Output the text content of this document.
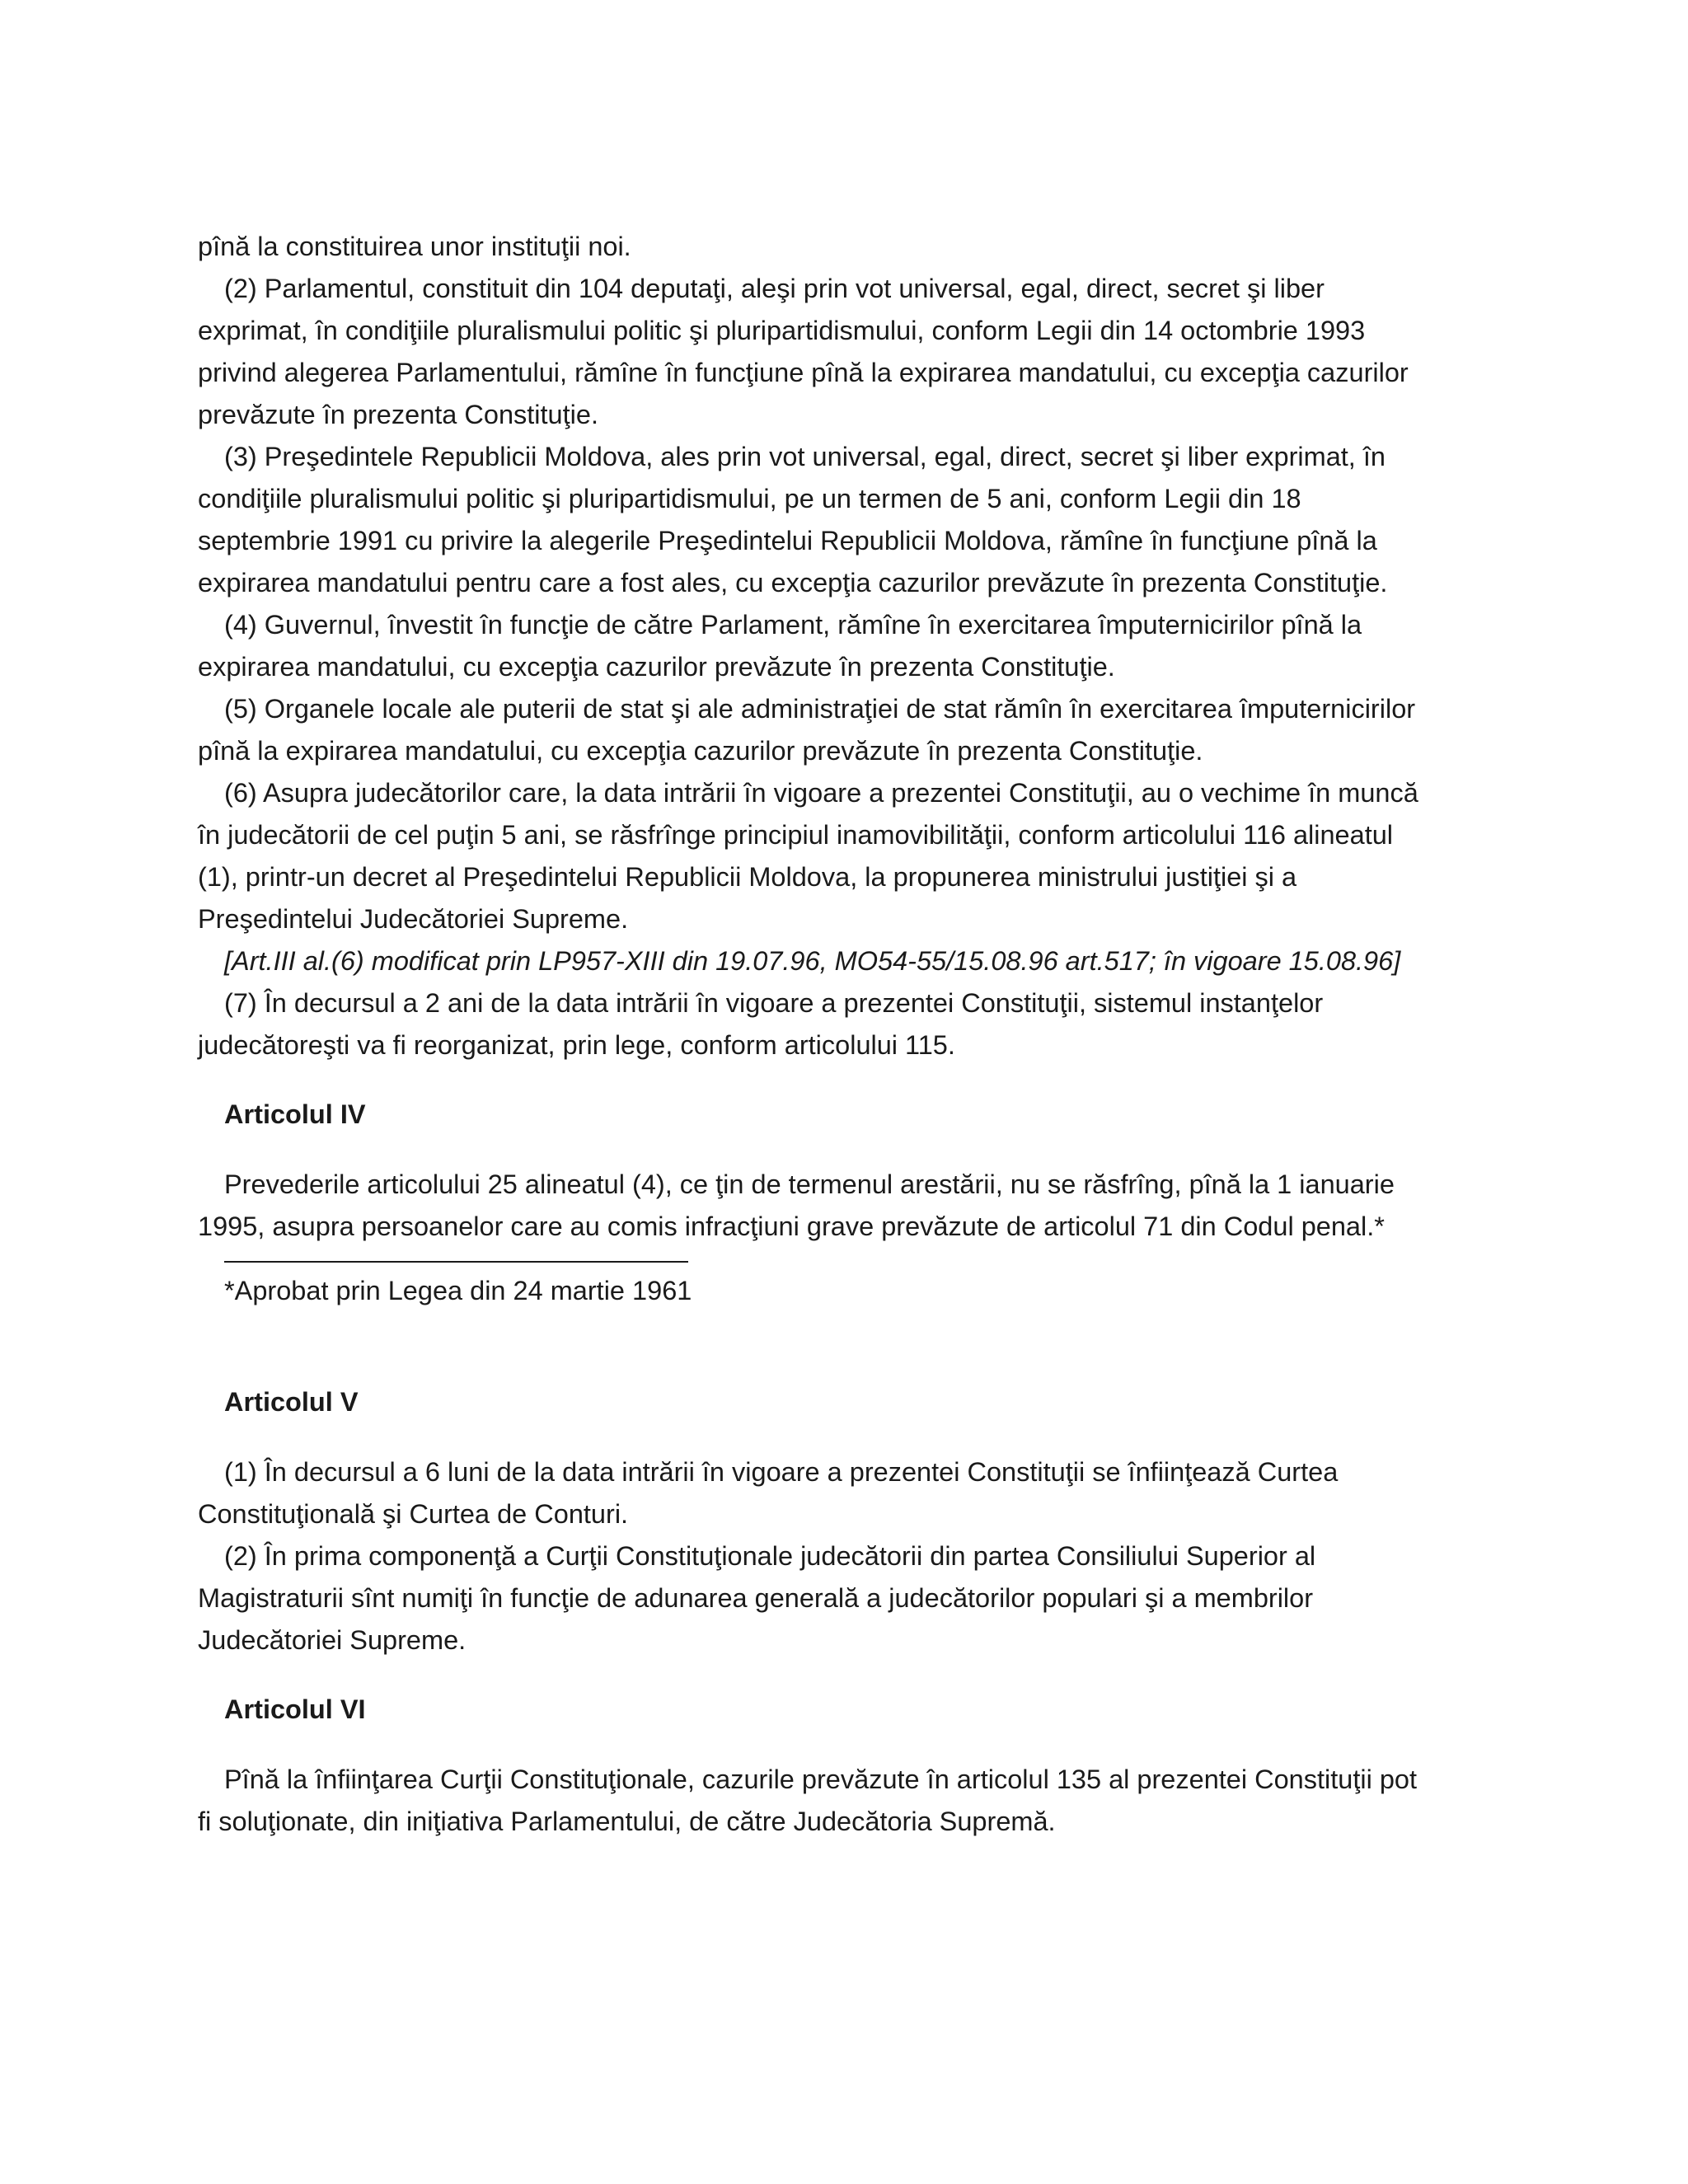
pînă la constituirea unor instituţii noi.
(2) Parlamentul, constituit din 104 deputaţi, aleşi prin vot universal, egal, direct, secret şi liber
exprimat, în condiţiile pluralismului politic şi pluripartidismului, conform Legii din 14 octombrie 1993
privind alegerea Parlamentului, rămîne în funcţiune pînă la expirarea mandatului, cu excepţia cazurilor
prevăzute în prezenta Constituţie.
(3) Preşedintele Republicii Moldova, ales prin vot universal, egal, direct, secret şi liber exprimat, în
condiţiile pluralismului politic şi pluripartidismului, pe un termen de 5 ani, conform Legii din 18
septembrie 1991 cu privire la alegerile Preşedintelui Republicii Moldova, rămîne în funcţiune pînă la
expirarea mandatului pentru care a fost ales, cu excepţia cazurilor prevăzute în prezenta Constituţie.
(4) Guvernul, învestit în funcţie de către Parlament, rămîne în exercitarea împuternicirilor pînă la
expirarea mandatului, cu excepţia cazurilor prevăzute în prezenta Constituţie.
(5) Organele locale ale puterii de stat şi ale administraţiei de stat rămîn în exercitarea împuternicirilor
pînă la expirarea mandatului, cu excepţia cazurilor prevăzute în prezenta Constituţie.
(6) Asupra judecătorilor care, la data intrării în vigoare a prezentei Constituţii, au o vechime în muncă
în judecătorii de cel puţin 5 ani, se răsfrînge principiul inamovibilităţii, conform articolului 116 alineatul
(1), printr-un decret al Preşedintelui Republicii Moldova, la propunerea ministrului justiţiei şi a
Preşedintelui Judecătoriei Supreme.
[Art.III al.(6) modificat prin LP957-XIII din 19.07.96, MO54-55/15.08.96 art.517; în vigoare 15.08.96]
(7) În decursul a 2 ani de la data intrării în vigoare a prezentei Constituţii, sistemul instanţelor
judecătoreşti va fi reorganizat, prin lege, conform articolului 115.
Articolul IV
Prevederile articolului 25 alineatul (4), ce ţin de termenul arestării, nu se răsfrîng, pînă la 1 ianuarie
1995, asupra persoanelor care au comis infracţiuni grave prevăzute de articolul 71 din Codul penal.*
*Aprobat prin Legea din 24 martie 1961
Articolul V
(1) În decursul a 6 luni de la data intrării în vigoare a prezentei Constituţii se înfiinţează Curtea
Constituţională şi Curtea de Conturi.
(2) În prima componenţă a Curţii Constituţionale judecătorii din partea Consiliului Superior al
Magistraturii sînt numiţi în funcţie de adunarea generală a judecătorilor populari şi a membrilor
Judecătoriei Supreme.
Articolul VI
Pînă la înfiinţarea Curţii Constituţionale, cazurile prevăzute în articolul 135 al prezentei Constituţii pot
fi soluţionate, din iniţiativa Parlamentului, de către Judecătoria Supremă.
